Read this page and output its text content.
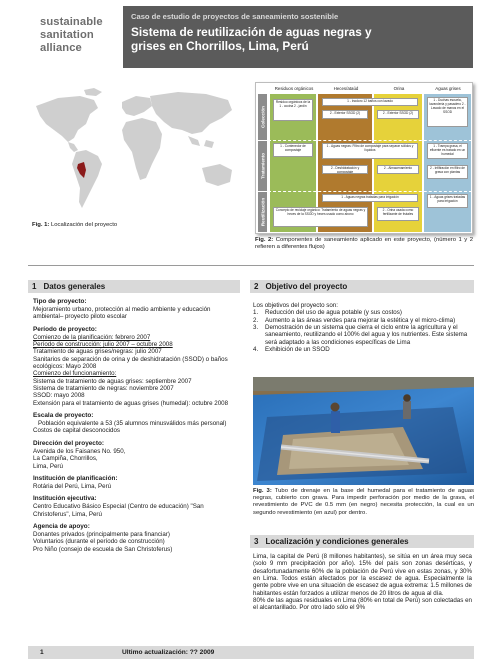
sustainable
sanitation
alliance
Caso de estudio de proyectos de saneamiento sostenible
Sistema de reutilización de aguas negras y
grises en Chorrillos, Lima, Perú
Fig. 1: Localización del proyecto
Residuos orgánicos	Heces/ataúd	Orina	Aguas grises
Colección
Tratamiento
Reutilización
Residuo orgánicos de la 1 - cocina 2 - jardín
1 - Inodoro 12 baños con lavado
2 - Exterior SSOD (2)	2 - Exterior SSOD (2)
1 - Duchas escuela, lavandería y pasadero 2 - Lavado de manos en el SSOD
1 - Contenedor de compostaje
1 - Aguas negras: Filtro de compostaje para separar sólidos y líquidos
2 - Deshidratación y compostaje
2 - Almacenamiento
1 - Trampa grasa, el efluente es tratado en un humedal
2 - Infiltración en filtro de grava con plantas
1 - Aguas negras tratadas para irrigación	1 - Aguas grises tratadas para irrigación
2 - Orina usada como fertilizante de frutales
Concepto de reciclaje orgánico: Tratamiento de aguas negras y heces de la SSOD y heces usado como abono
Fig. 2: Componentes de saneamiento aplicado en este proyecto, (número 1 y 2 refieren a diferentes flujos)
1 Datos generales
Tipo de proyecto:
Mejoramiento urbano, protección al medio ambiente y educación ambiental– proyecto piloto escolar
Período de proyecto:
Comienzo de la planificación: febrero 2007
Período de construcción: julio 2007 – octubre 2008
Tratamiento de aguas grises/negras: julio 2007
Sanitarios de separación de orina y de deshidratación (SSOD) o baños ecológicos: Mayo 2008
Comienzo del funcionamiento:
Sistema de tratamiento de aguas grises: septiembre 2007
Sistema de tratamiento de negras: noviembre 2007
SSOD: mayo 2008
Extensión para el tratamiento de aguas grises (humedal): octubre 2008
Escala de proyecto:
Población equivalente a 53 (35 alumnos minusválidos más personal)
Costos de capital desconocidos
Dirección del proyecto:
Avenida de los Faisanes No. 950,
La Campiña, Chorrillos,
Lima, Perú
Institución de planificación:
Rotária del Perú, Lima, Perú
Institución ejecutiva:
Centro Educativo Básico Especial (Centro de educación) "San Christoferus", Lima, Perú
Agencia de apoyo:
Donantes privados (principalmente para financiar)
Voluntarios (durante el período de construcción)
Pro Niño (consejo de escuela de San Christoferus)
2 Objetivo del proyecto
Los objetivos del proyecto son:
1. Reducción del uso de agua potable (y sus costos)
2. Aumento a las áreas verdes para mejorar la estética y el micro-clima)
3. Demostración de un sistema que cierra el ciclo entre la agricultura y el saneamiento, reutilizando el 100% del agua y los nutrientes. Este sistema será adaptado a las condiciones específicas de Lima
4. Exhibición de un SSOD
Fig. 3: Tubo de drenaje en la base del humedal para el tratamiento de aguas negras, cubierto con grava. Para impedir perforación por medio de la grava, el revestimiento de PVC de 0.5 mm (en negro) necesita protección, la cual es un segundo revestimiento (en azul) por dentro.
3 Localización y condiciones generales
Lima, la capital de Perú (8 millones habitantes), se sitúa en un área muy seca (solo 9 mm precipitación por año). 15% del país son zonas desérticas, y desafortunadamente 60% de la población de Perú vive en estas zonas, y 30% en Lima. Todos están afectados por la escasez de agua. Especialmente la gente pobre vive en una situación de escasez de agua extrema: 1.5 millones de habitantes están forzados a utilizar menos de 20 litros de agua al día.
80% de las aguas residuales en Lima (80% en total de Perú) son colectadas en el alcantarillado. Por otro lado sólo el 9%
1	Ultimo actualización: ?? 2009
